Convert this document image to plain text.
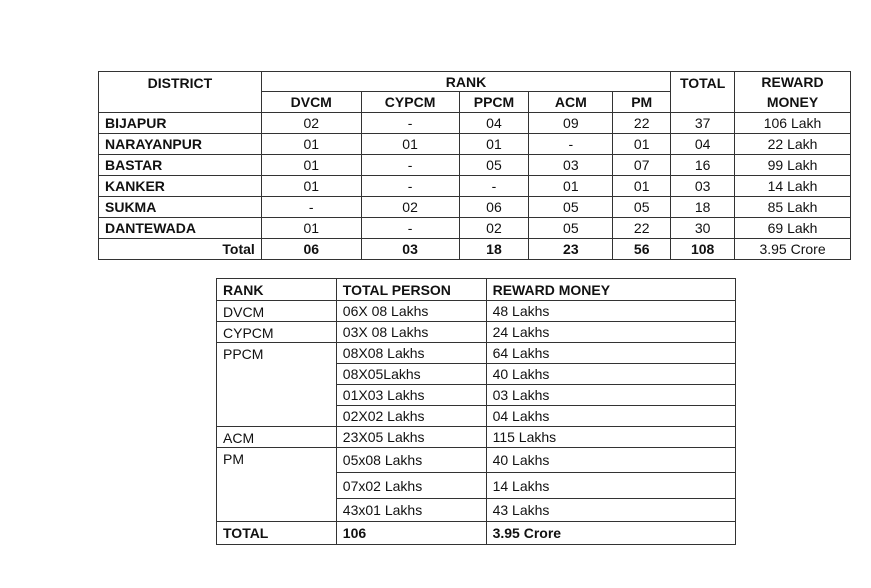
DISTRICT	RANK					TOTAL	REWARD MONEY
	DVCM	CYPCM	PPCM	ACM	PM		
BIJAPUR	02	-	04	09	22	37	106 Lakh
NARAYANPUR	01	01	01	-	01	04	22 Lakh
BASTAR	01	-	05	03	07	16	99 Lakh
KANKER	01	-	-	01	01	03	14 Lakh
SUKMA	-	02	06	05	05	18	85 Lakh
DANTEWADA	01	-	02	05	22	30	69 Lakh
Total	06	03	18	23	56	108	3.95 Crore
RANK	TOTAL PERSON	REWARD MONEY
DVCM	06X 08 Lakhs	48 Lakhs
CYPCM	03X 08 Lakhs	24 Lakhs
PPCM	08X08 Lakhs	64 Lakhs
	08X05Lakhs	40 Lakhs
	01X03 Lakhs	03 Lakhs
	02X02 Lakhs	04 Lakhs
ACM	23X05 Lakhs	115 Lakhs
PM	05x08 Lakhs	40 Lakhs
	07x02 Lakhs	14 Lakhs
	43x01 Lakhs	43 Lakhs
TOTAL	106	3.95 Crore
